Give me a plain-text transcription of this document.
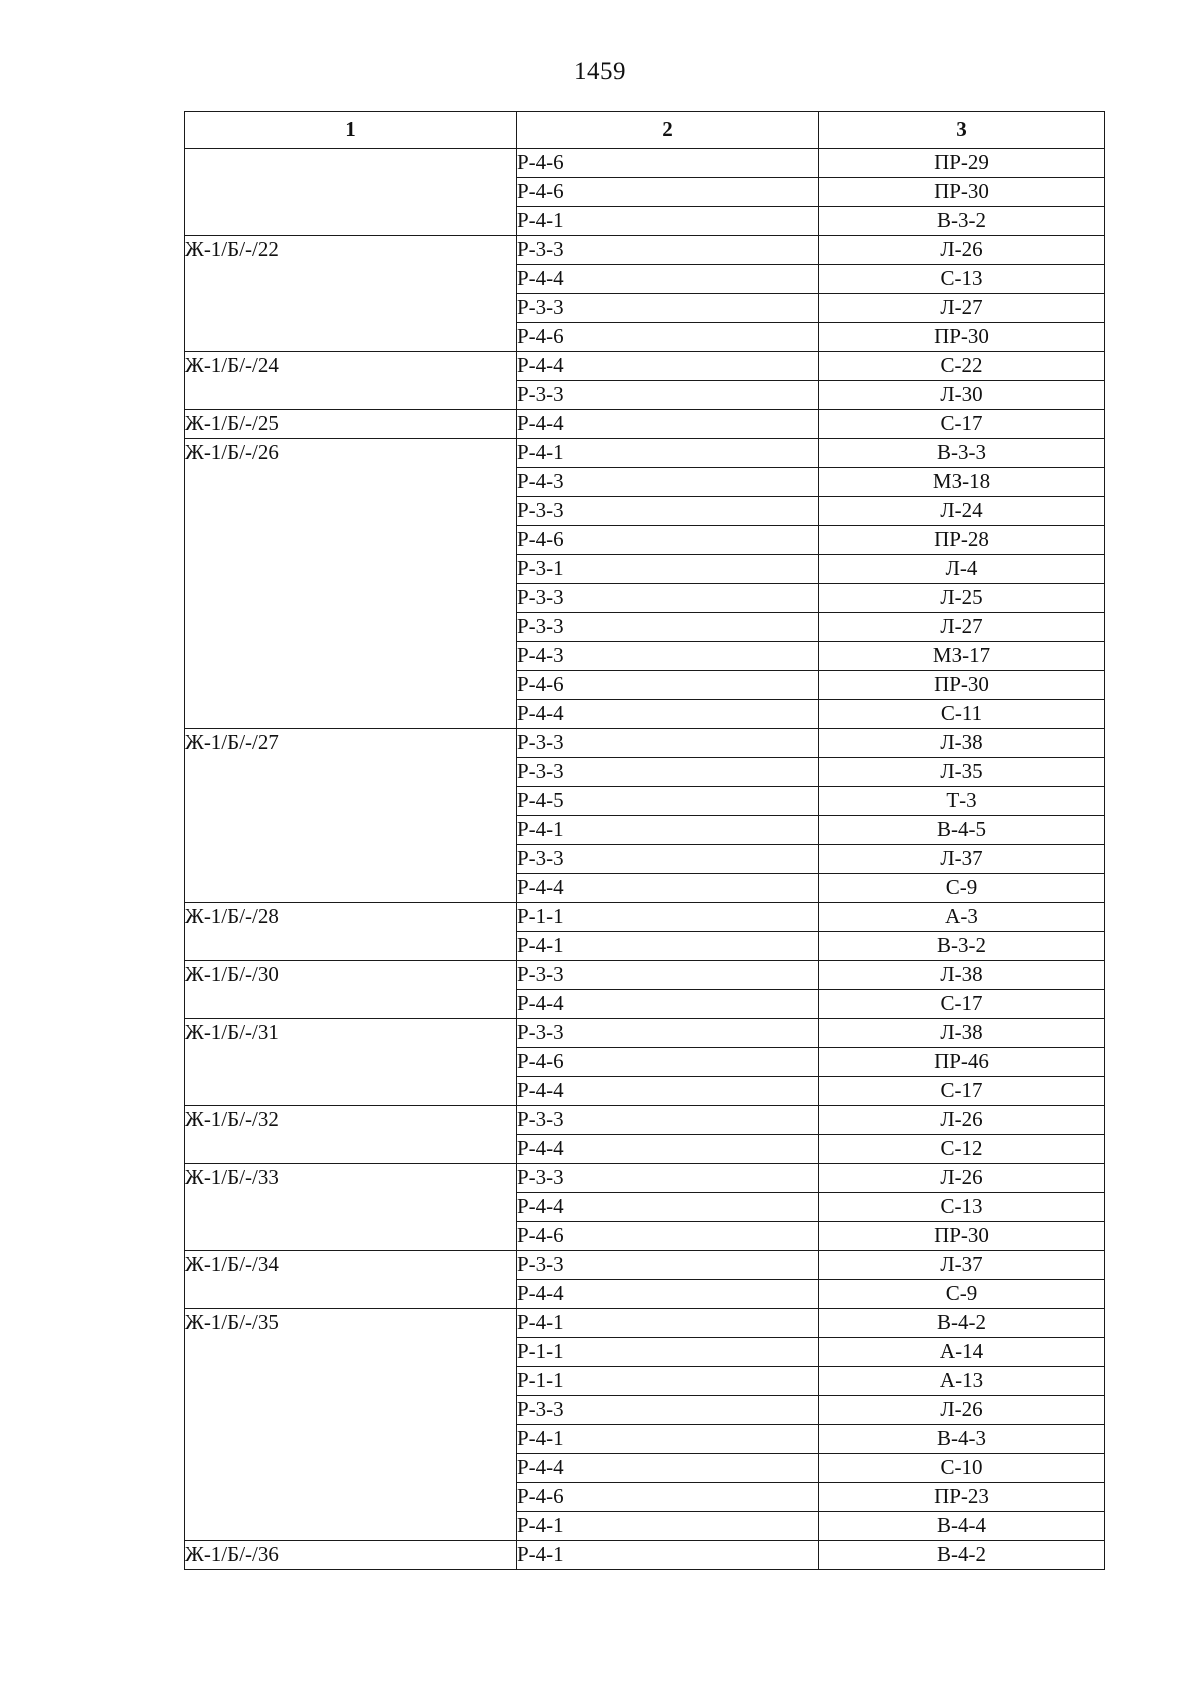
1459
1	2	3
	Р-4-6	ПР-29
	Р-4-6	ПР-30
	Р-4-1	В-3-2
Ж-1/Б/-/22	Р-3-3	Л-26
	Р-4-4	С-13
	Р-3-3	Л-27
	Р-4-6	ПР-30
Ж-1/Б/-/24	Р-4-4	С-22
	Р-3-3	Л-30
Ж-1/Б/-/25	Р-4-4	С-17
Ж-1/Б/-/26	Р-4-1	В-3-3
	Р-4-3	МЗ-18
	Р-3-3	Л-24
	Р-4-6	ПР-28
	Р-3-1	Л-4
	Р-3-3	Л-25
	Р-3-3	Л-27
	Р-4-3	МЗ-17
	Р-4-6	ПР-30
	Р-4-4	С-11
Ж-1/Б/-/27	Р-3-3	Л-38
	Р-3-3	Л-35
	Р-4-5	Т-3
	Р-4-1	В-4-5
	Р-3-3	Л-37
	Р-4-4	С-9
Ж-1/Б/-/28	Р-1-1	А-3
	Р-4-1	В-3-2
Ж-1/Б/-/30	Р-3-3	Л-38
	Р-4-4	С-17
Ж-1/Б/-/31	Р-3-3	Л-38
	Р-4-6	ПР-46
	Р-4-4	С-17
Ж-1/Б/-/32	Р-3-3	Л-26
	Р-4-4	С-12
Ж-1/Б/-/33	Р-3-3	Л-26
	Р-4-4	С-13
	Р-4-6	ПР-30
Ж-1/Б/-/34	Р-3-3	Л-37
	Р-4-4	С-9
Ж-1/Б/-/35	Р-4-1	В-4-2
	Р-1-1	А-14
	Р-1-1	А-13
	Р-3-3	Л-26
	Р-4-1	В-4-3
	Р-4-4	С-10
	Р-4-6	ПР-23
	Р-4-1	В-4-4
Ж-1/Б/-/36	Р-4-1	В-4-2
